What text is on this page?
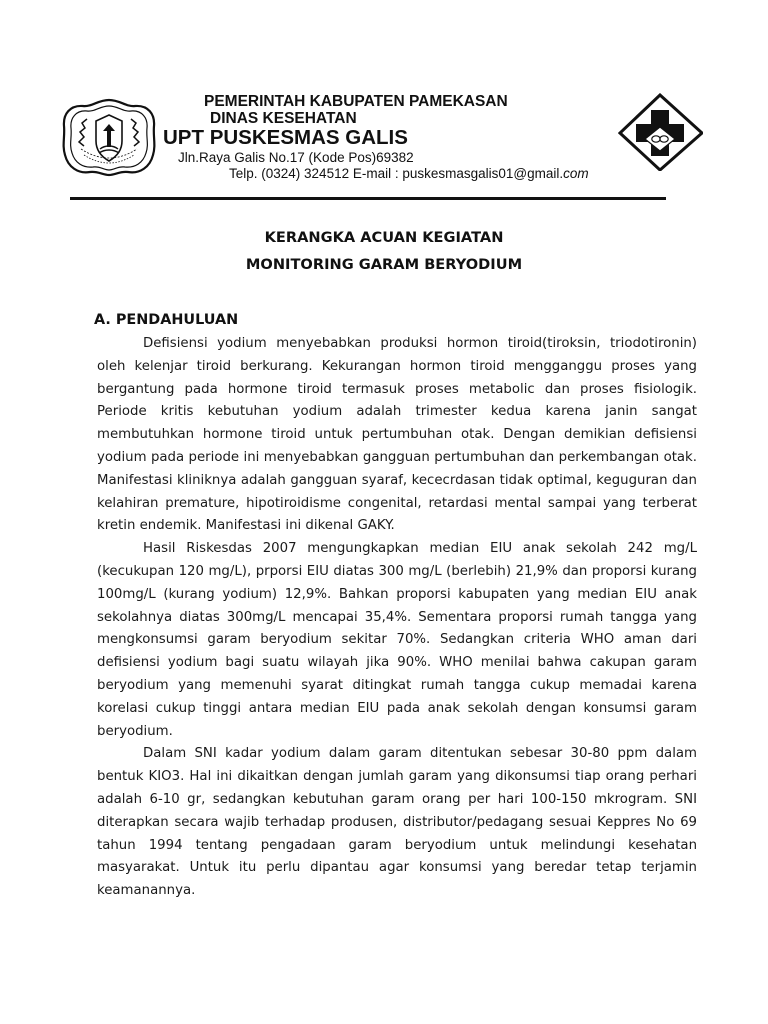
PEMERINTAH KABUPATEN PAMEKASAN
DINAS KESEHATAN
UPT PUSKESMAS GALIS
Jln.Raya Galis No.17 (Kode Pos)69382
Telp. (0324) 324512 E-mail : puskesmasgalis01@gmail.com
KERANGKA ACUAN KEGIATAN
MONITORING GARAM BERYODIUM
A. PENDAHULUAN

Defisiensi yodium menyebabkan produksi hormon tiroid(tiroksin, triodotironin) oleh kelenjar tiroid berkurang. Kekurangan hormon tiroid mengganggu proses yang bergantung pada hormone tiroid termasuk proses metabolic dan proses fisiologik. Periode kritis kebutuhan yodium adalah trimester kedua karena janin sangat membutuhkan hormone tiroid untuk pertumbuhan otak. Dengan demikian defisiensi yodium pada periode ini menyebabkan gangguan pertumbuhan dan perkembangan otak. Manifestasi kliniknya adalah gangguan syaraf, kececrdasan tidak optimal, keguguran dan kelahiran premature, hipotiroidisme congenital, retardasi mental sampai yang terberat kretin endemik. Manifestasi ini dikenal GAKY.

Hasil Riskesdas 2007 mengungkapkan median EIU anak sekolah 242 mg/L (kecukupan 120 mg/L), prporsi EIU diatas 300 mg/L (berlebih) 21,9% dan proporsi kurang 100mg/L (kurang yodium) 12,9%. Bahkan proporsi kabupaten yang median EIU anak sekolahnya diatas 300mg/L mencapai 35,4%. Sementara proporsi rumah tangga yang mengkonsumsi garam beryodium sekitar 70%. Sedangkan criteria WHO aman dari defisiensi yodium bagi suatu wilayah jika 90%. WHO menilai bahwa cakupan garam beryodium yang memenuhi syarat ditingkat rumah tangga cukup memadai karena korelasi cukup tinggi antara median EIU pada anak sekolah dengan konsumsi garam beryodium.

Dalam SNI kadar yodium dalam garam ditentukan sebesar 30-80 ppm dalam bentuk KIO3. Hal ini dikaitkan dengan jumlah garam yang dikonsumsi tiap orang perhari adalah 6-10 gr, sedangkan kebutuhan garam orang per hari 100-150 mkrogram. SNI diterapkan secara wajib terhadap produsen, distributor/pedagang sesuai Keppres No 69 tahun 1994 tentang pengadaan garam beryodium untuk melindungi kesehatan masyarakat. Untuk itu perlu dipantau agar konsumsi yang beredar tetap terjamin keamanannya.
